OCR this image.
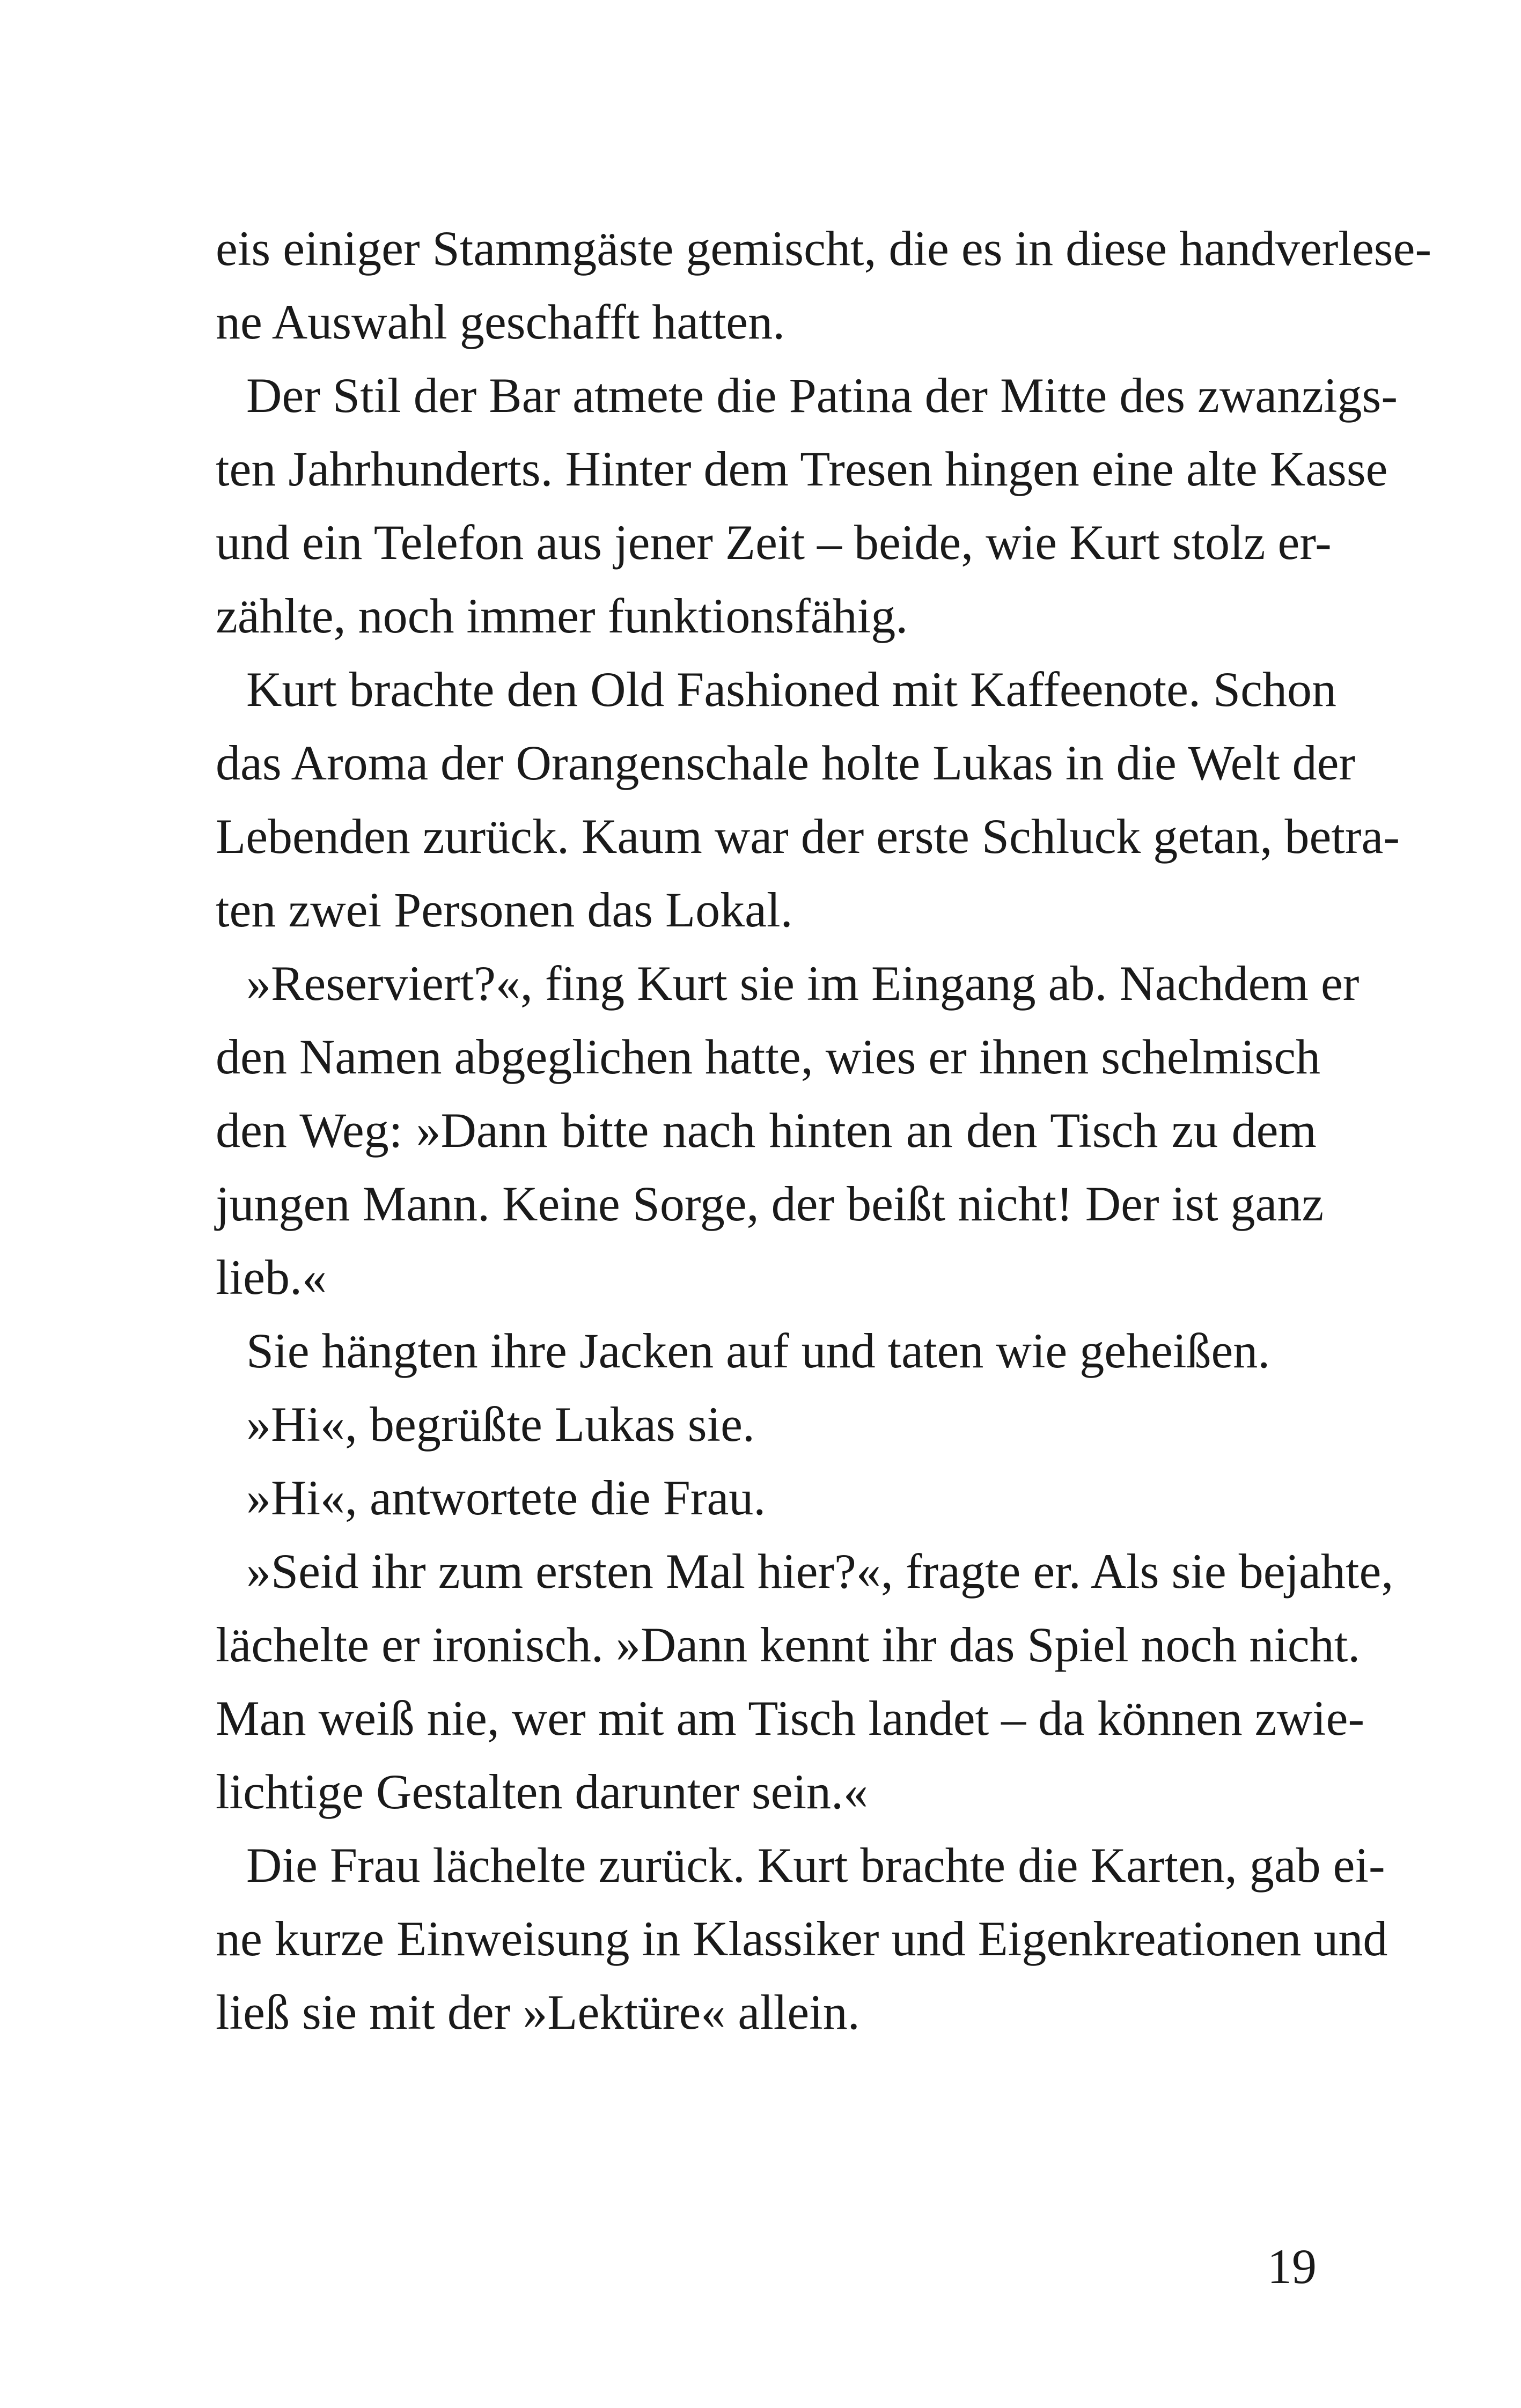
eis einiger Stammgäste gemischt, die es in diese handverlese-
ne Auswahl geschafft hatten.
Der Stil der Bar atmete die Patina der Mitte des zwanzigs-
ten Jahrhunderts. Hinter dem Tresen hingen eine alte Kasse
und ein Telefon aus jener Zeit – beide, wie Kurt stolz er-
zählte, noch immer funktionsfähig.
Kurt brachte den Old Fashioned mit Kaffeenote. Schon
das Aroma der Orangenschale holte Lukas in die Welt der
Lebenden zurück. Kaum war der erste Schluck getan, betra-
ten zwei Personen das Lokal.
»Reserviert?«, fing Kurt sie im Eingang ab. Nachdem er
den Namen abgeglichen hatte, wies er ihnen schelmisch
den Weg: »Dann bitte nach hinten an den Tisch zu dem
jungen Mann. Keine Sorge, der beißt nicht! Der ist ganz
lieb.«
Sie hängten ihre Jacken auf und taten wie geheißen.
»Hi«, begrüßte Lukas sie.
»Hi«, antwortete die Frau.
»Seid ihr zum ersten Mal hier?«, fragte er. Als sie bejahte,
lächelte er ironisch. »Dann kennt ihr das Spiel noch nicht.
Man weiß nie, wer mit am Tisch landet – da können zwie-
lichtige Gestalten darunter sein.«
Die Frau lächelte zurück. Kurt brachte die Karten, gab ei-
ne kurze Einweisung in Klassiker und Eigenkreationen und
ließ sie mit der »Lektüre« allein.
19
